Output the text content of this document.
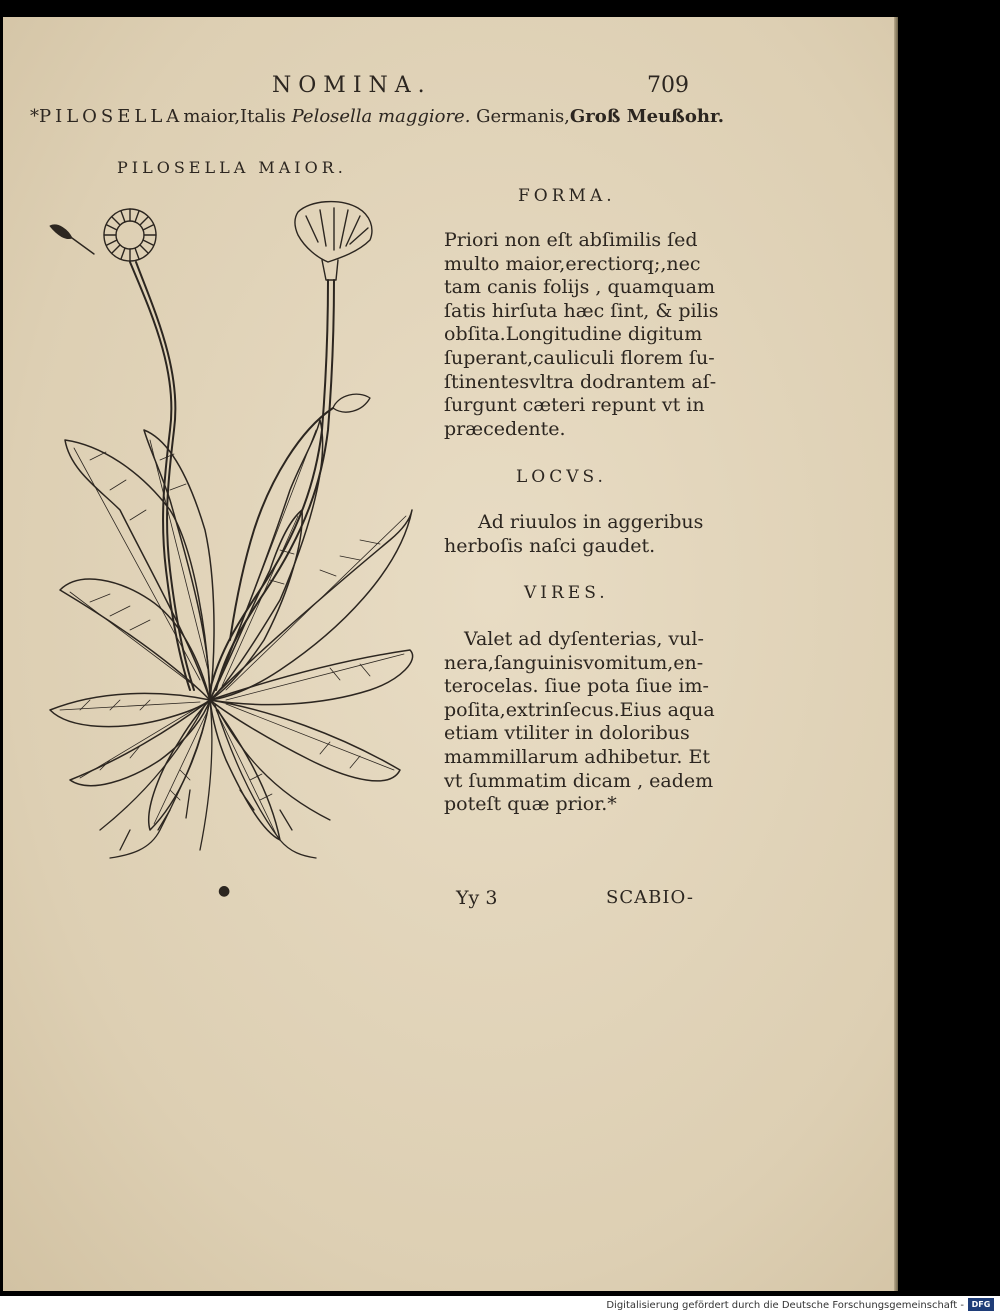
NOMINA.	709
*PILOSELLAmaior,Italis Pelosella maggiore. Germanis,Groß Meußohr.
PILOSELLA MAIOR.
●
FORMA.
Priori non eſt abſimilis ſed
multo maior,erectiorq;,nec
tam canis folijs , quamquam
ſatis hirſuta hæc ſint, & pilis
obſita.Longitudine digitum
ſuperant,cauliculi florem ſu-
ſtinentesvltra dodrantem aſ-
ſurgunt cæteri repunt vt in
præcedente.
LOCVS.
Ad riuulos in aggeribus
herboſis naſci gaudet.
VIRES.
Valet ad dyſenterias, vul-
nera,ſanguinisvomitum,en-
terocelas. ſiue pota ſiue im-
poſita,extrinſecus.Eius aqua
etiam vtiliter in doloribus
mammillarum adhibetur. Et
vt ſummatim dicam , eadem
poteſt quæ prior.*
Yy 3	SCABIO-
Digitalisierung gefördert durch die Deutsche Forschungsgemeinschaft - DFG
